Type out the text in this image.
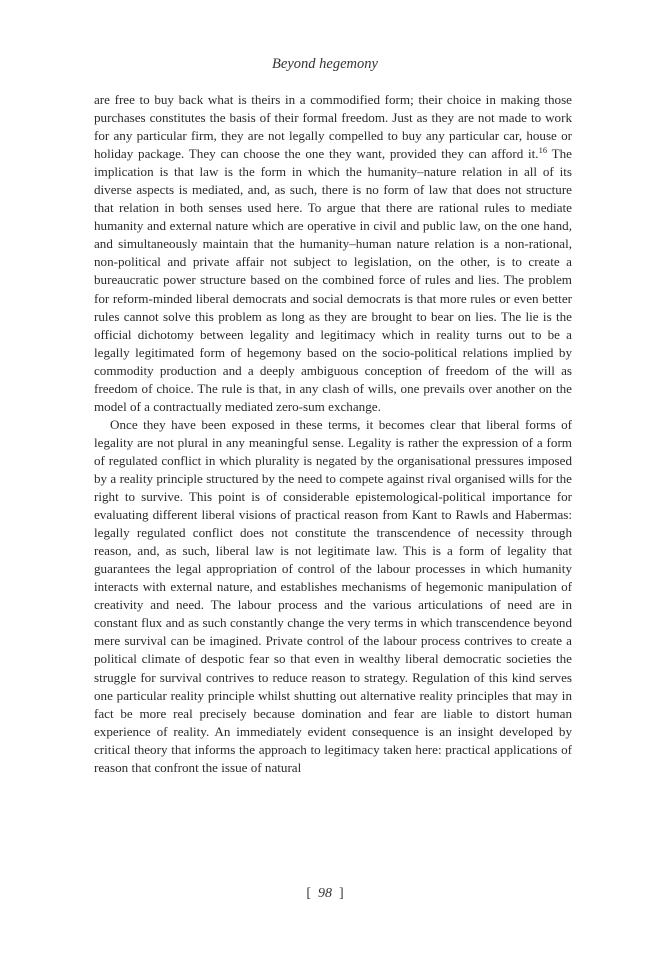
Beyond hegemony

are free to buy back what is theirs in a commodified form; their choice in making those purchases constitutes the basis of their formal freedom. Just as they are not made to work for any particular firm, they are not legally compelled to buy any particular car, house or holiday package. They can choose the one they want, provided they can afford it.$^{16}$ The implication is that law is the form in which the humanity–nature relation in all of its diverse aspects is mediated, and, as such, there is no form of law that does not structure that relation in both senses used here. To argue that there are rational rules to mediate humanity and external nature which are operative in civil and public law, on the one hand, and simultaneously maintain that the humanity–human nature relation is a non-rational, non-political and private affair not subject to legislation, on the other, is to create a bureaucratic power structure based on the combined force of rules and lies. The problem for reform-minded liberal democrats and social democrats is that more rules or even better rules cannot solve this problem as long as they are brought to bear on lies. The lie is the official dichotomy between legality and legitimacy which in reality turns out to be a legally legitimated form of hegemony based on the socio-political relations implied by commodity production and a deeply ambiguous conception of freedom of the will as freedom of choice. The rule is that, in any clash of wills, one prevails over another on the model of a contractually mediated zero-sum exchange.

Once they have been exposed in these terms, it becomes clear that liberal forms of legality are not plural in any meaningful sense. Legality is rather the expression of a form of regulated conflict in which plurality is negated by the organisational pressures imposed by a reality principle structured by the need to compete against rival organised wills for the right to survive. This point is of considerable epistemological-political importance for evaluating different liberal visions of practical reason from Kant to Rawls and Habermas: legally regulated conflict does not constitute the transcendence of necessity through reason, and, as such, liberal law is not legitimate law. This is a form of legality that guarantees the legal appropriation of control of the labour processes in which humanity interacts with external nature, and establishes mechanisms of hegemonic manipulation of creativity and need. The labour process and the various articulations of need are in constant flux and as such constantly change the very terms in which transcendence beyond mere survival can be imagined. Private control of the labour process contrives to create a political climate of despotic fear so that even in wealthy liberal democratic societies the struggle for survival contrives to reduce reason to strategy. Regulation of this kind serves one particular reality principle whilst shutting out alternative reality principles that may in fact be more real precisely because domination and fear are liable to distort human experience of reality. An immediately evident consequence is an insight developed by critical theory that informs the approach to legitimacy taken here: practical applications of reason that confront the issue of natural

[ 98 ]
